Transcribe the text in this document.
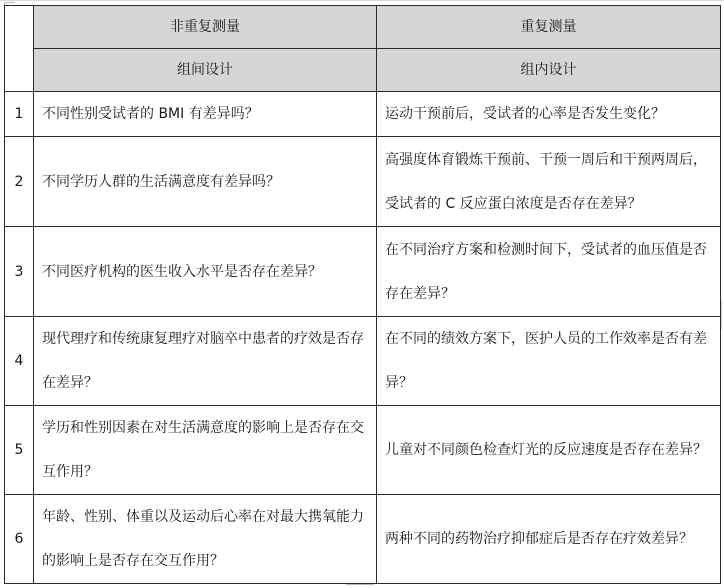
	非重复测量	重复测量
	组间设计	组内设计
1	不同性别受试者的 BMI 有差异吗？	运动干预前后，受试者的心率是否发生变化？
2	不同学历人群的生活满意度有差异吗？	高强度体育锻炼干预前、干预一周后和干预两周后，受试者的 C 反应蛋白浓度是否存在差异？
3	不同医疗机构的医生收入水平是否存在差异？	在不同治疗方案和检测时间下，受试者的血压值是否存在差异？
4	现代理疗和传统康复理疗对脑卒中患者的疗效是否存在差异？	在不同的绩效方案下，医护人员的工作效率是否有差异？
5	学历和性别因素在对生活满意度的影响上是否存在交互作用？	儿童对不同颜色检查灯光的反应速度是否存在差异？
6	年龄、性别、体重以及运动后心率在对最大携氧能力的影响上是否存在交互作用？	两种不同的药物治疗抑郁症后是否存在疗效差异？
